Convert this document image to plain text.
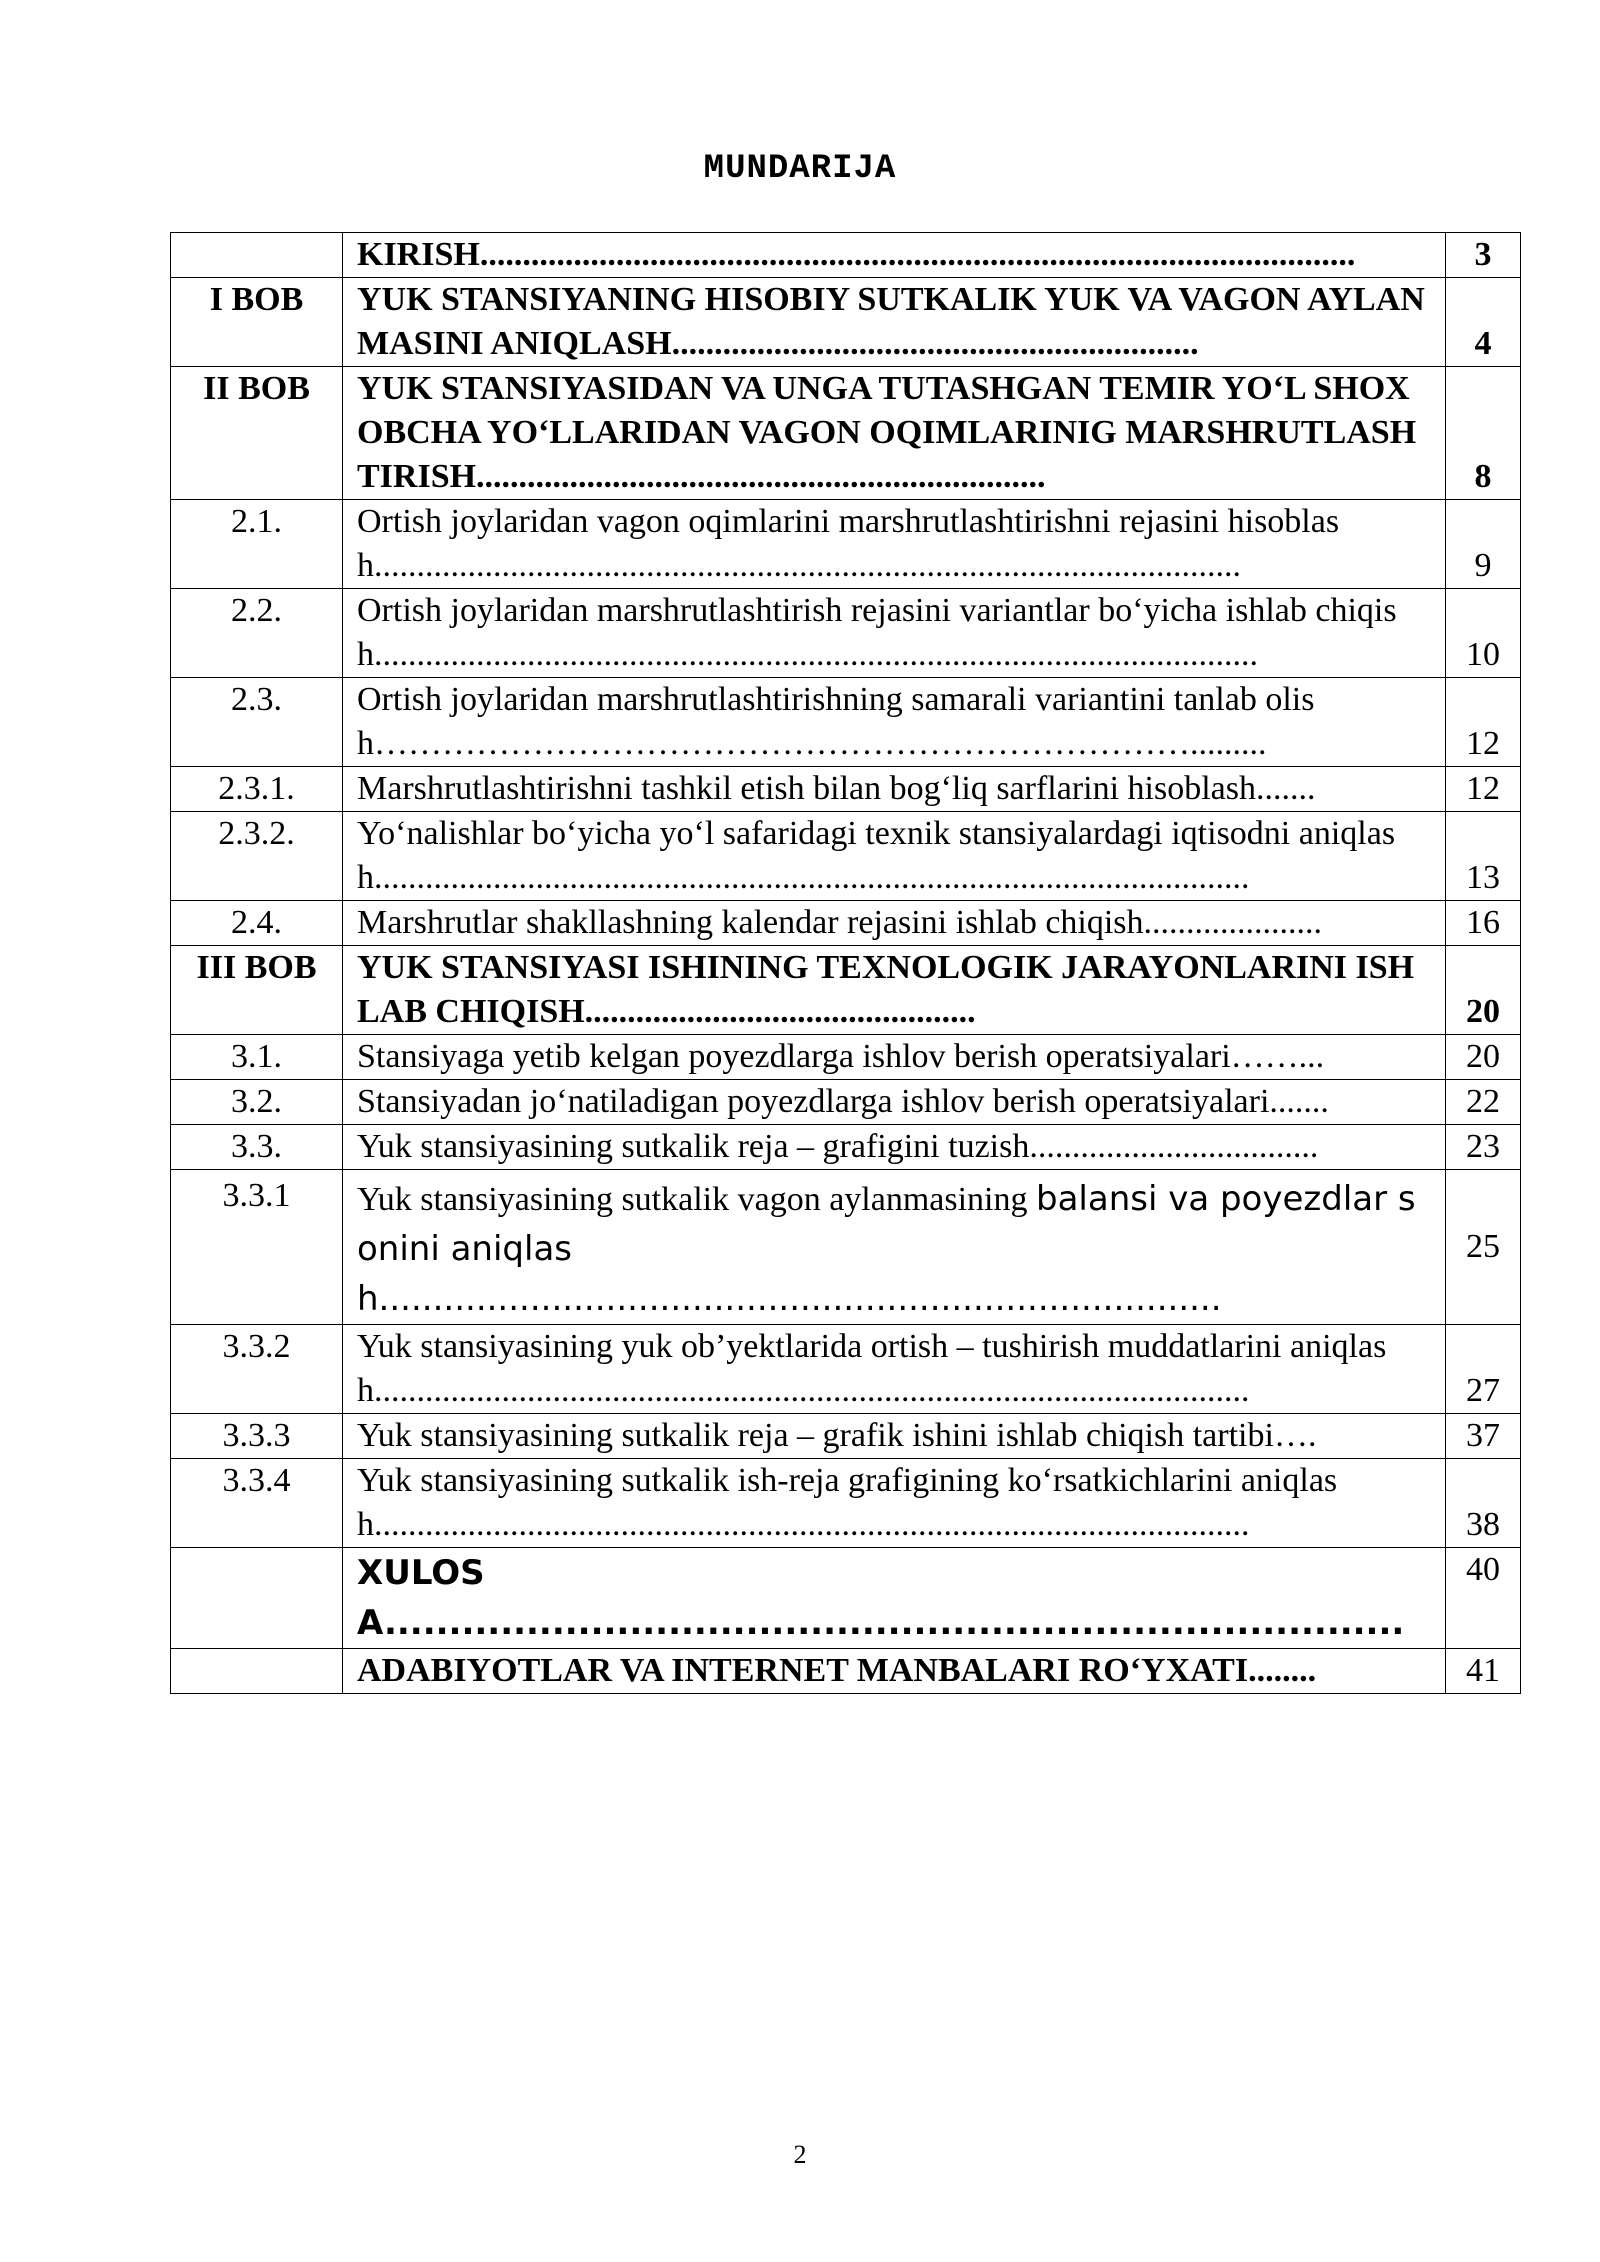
MUNDARIJA
	KIRISH.......................................................................................................	3
I BOB	YUK STANSIYANING HISOBIY SUTKALIK YUK VA VAGON AYLANMASINI ANIQLASH..............................................................	4
II BOB	YUK STANSIYASIDAN VA UNGA TUTASHGAN TEMIR YO‘L SHOXOBCHA YO‘LLARIDAN VAGON OQIMLARINIG MARSHRUTLASHTIRISH...................................................................	8
2.1.	Ortish joylaridan vagon oqimlarini marshrutlashtirishni rejasini hisoblash......................................................................................................	9
2.2.	Ortish joylaridan marshrutlashtirish rejasini variantlar bo‘yicha ishlab chiqish........................................................................................................	10
2.3.	Ortish joylaridan marshrutlashtirishning samarali variantini tanlab olish……………………………………………………………….........	12
2.3.1.	Marshrutlashtirishni tashkil etish bilan bog‘liq sarflarini hisoblash.......	12
2.3.2.	Yo‘nalishlar bo‘yicha yo‘l safaridagi texnik stansiyalardagi iqtisodni aniqlash.......................................................................................................	13
2.4.	Marshrutlar shakllashning kalendar rejasini ishlab chiqish.....................	16
III BOB	YUK STANSIYASI ISHINING TEXNOLOGIK JARAYONLARINI ISHLAB CHIQISH..............................................	20
3.1.	Stansiyaga yetib kelgan poyezdlarga ishlov berish operatsiyalari……...	20
3.2.	Stansiyadan jo‘natiladigan poyezdlarga ishlov berish operatsiyalari.......	22
3.3.	Yuk stansiyasining sutkalik reja – grafigini tuzish..................................	23
3.3.1	Yuk stansiyasining sutkalik vagon aylanmasining balansi va poyezdlar sonini aniqlash..............................................................................	25
3.3.2	Yuk stansiyasining yuk ob’yektlarida ortish – tushirish muddatlarini aniqlash.......................................................................................................	27
3.3.3	Yuk stansiyasining sutkalik reja – grafik ishini ishlab chiqish tartibi….	37
3.3.4	Yuk stansiyasining sutkalik ish-reja grafigining ko‘rsatkichlarini aniqlash.......................................................................................................	38
	XULOSA...............................................................................	40
	ADABIYOTLAR VA INTERNET MANBALARI RO‘YXATI........	41
2
